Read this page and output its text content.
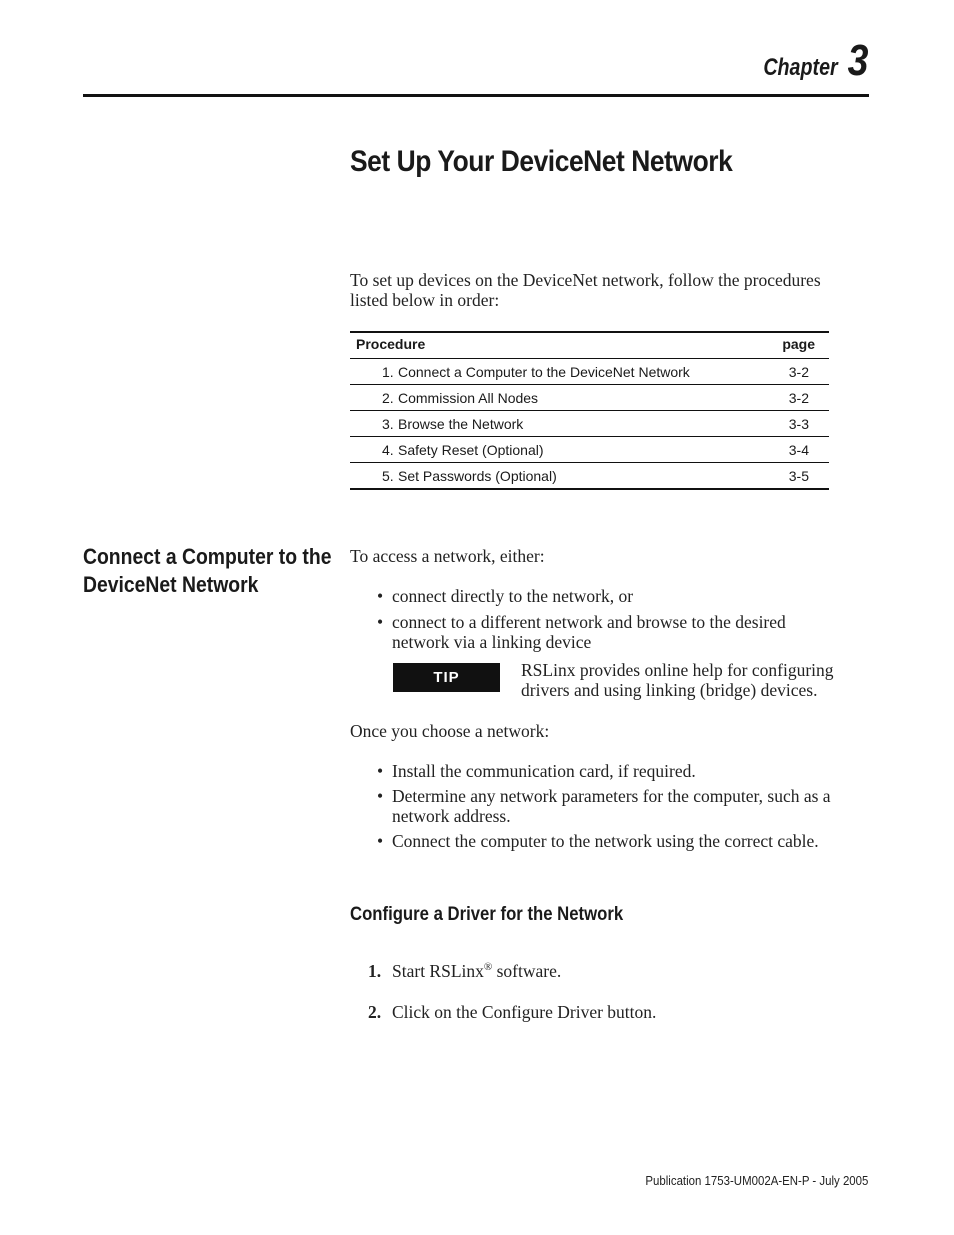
Chapter 3
Set Up Your DeviceNet Network

To set up devices on the DeviceNet network, follow the procedures listed below in order:

Procedure	page
1. Connect a Computer to the DeviceNet Network	3-2
2. Commission All Nodes	3-2
3. Browse the Network	3-3
4. Safety Reset (Optional)	3-4
5. Set Passwords (Optional)	3-5
Connect a Computer to the
DeviceNet Network

To access a network, either:

• connect directly to the network, or
• connect to a different network and browse to the desired network via a linking device
TIP	RSLinx provides online help for configuring drivers and using linking (bridge) devices.

Once you choose a network:

• Install the communication card, if required.
• Determine any network parameters for the computer, such as a network address.
• Connect the computer to the network using the correct cable.
Configure a Driver for the Network
1. Start RSLinx® software.
2. Click on the Configure Driver button.
Publication 1753-UM002A-EN-P - July 2005
